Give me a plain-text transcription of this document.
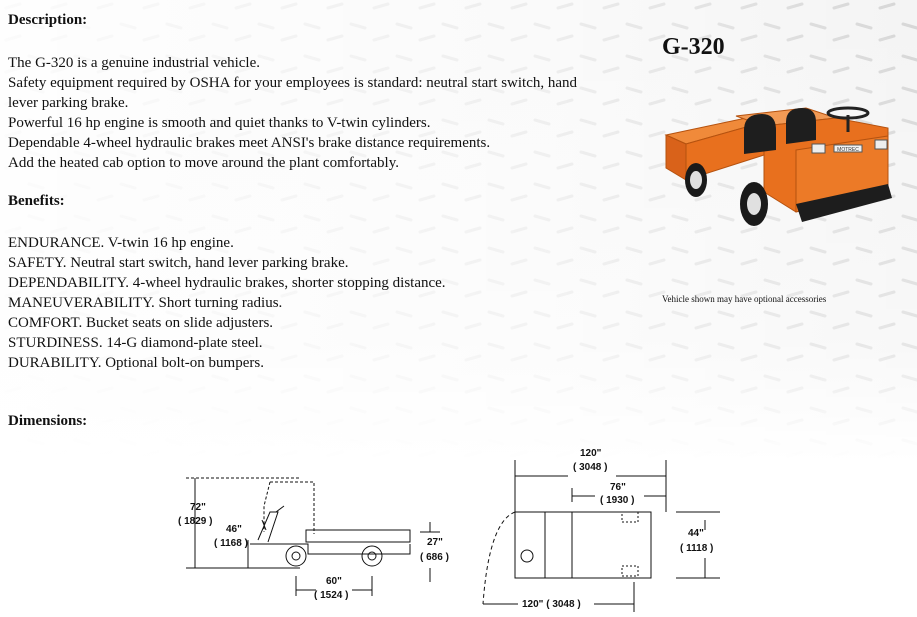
Description:
The G-320 is a genuine industrial vehicle.
Safety equipment required by OSHA for your employees is standard: neutral start switch, hand
lever parking brake.
Powerful 16 hp engine is smooth and quiet thanks to V-twin cylinders.
Dependable 4-wheel hydraulic brakes meet ANSI's brake distance requirements.
Add the heated cab option to move around the plant comfortably.
Benefits:
ENDURANCE. V-twin 16 hp engine.
SAFETY. Neutral start switch, hand lever parking brake.
DEPENDABILITY. 4-wheel hydraulic brakes, shorter stopping distance.
MANEUVERABILITY. Short turning radius.
COMFORT. Bucket seats on slide adjusters.
STURDINESS. 14-G diamond-plate steel.
DURABILITY. Optional bolt-on bumpers.
G-320
MOTREC
Vehicle shown may have optional accessories
Dimensions:
72"
( 1829 )
46"
( 1168 )	27"
( 686 )
60"
( 1524 )
120"
( 3048 )
76"
( 1930 )
44"
( 1118 )
120" ( 3048 )
